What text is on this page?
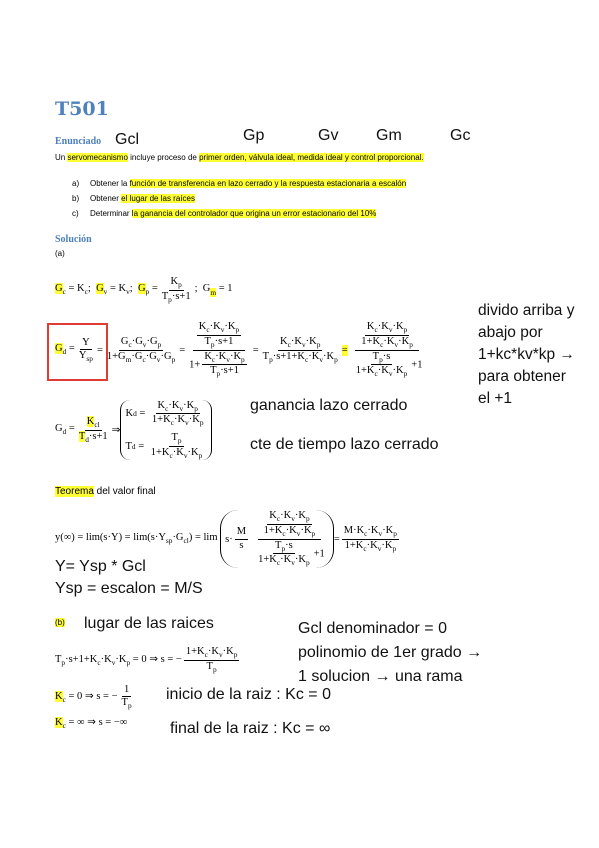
T501
Enunciado Gcl	Gp	Gv Gm	Gc
Un servomecanismo incluye proceso de primer orden, válvula ideal, medida ideal y control proporcional.
a) Obtener la función de transferencia en lazo cerrado y la respuesta estacionaria a escalón
b) Obtener el lugar de las raíces
c) Determinar la ganancia del controlador que origina un error estacionario del 10%
Solución
(a)
$G_c = K_c$;  $G_v = K_v$;  $G_p = \frac{K_p}{T_p\cdot s+1}$ ;  $G_m = 1$
$G_d = \frac{Y}{Y_{sp}} = \frac{G_c\cdot G_v\cdot G_p}{1+G_m\cdot G_c\cdot G_v\cdot G_p} = \frac{\frac{K_c\cdot K_v\cdot K_p}{T_p\cdot s+1}}{1+ \frac{K_c\cdot K_v\cdot K_p}{T_p\cdot s+1}} = \frac{K_c\cdot K_v\cdot K_p}{T_p\cdot s+1+K_c\cdot K_v\cdot K_p} = \frac{\frac{K_c\cdot K_v\cdot K_p}{1+K_c\cdot K_v\cdot K_p}}{\frac{T_p\cdot s}{1+K_c\cdot K_v\cdot K_p} +1}$
divido arriba y
abajo por
1+kc*kv*kp →
para obtener
el +1
$G_d = \frac{K_{cl}}{T_d\cdot s+1}$ ⇒
K $d = \frac{K_c\cdot K_v\cdot K_p}{1+K_c\cdot K_v\cdot K_p}$
T $d = \frac{T_p}{1+K_c\cdot K_v\cdot K_p}$
ganancia lazo cerrado
cte de tiempo lazo cerrado
Teorema del valor final
$y(\infty) = \lim(s\cdot Y) = \lim(s\cdot Y_{sp}\cdot G_{cl}) = \lim s\cdot \frac{M}{s} \frac{\frac{K_c\cdot K_v\cdot K_p}{1+K_c\cdot K_v\cdot K_p}}{\frac{T_p\cdot s}{1+K_c\cdot K_v\cdot K_p} +1} = \frac{M\cdot K_c\cdot K_v\cdot K_p}{1+K_c\cdot K_v\cdot K_p}$
Y= Ysp * Gcl
Ysp = escalon = M/S
(b) lugar de las raices	Gcl denominador = 0
polinomio de 1er grado →
1 solucion → una rama
$T_p\cdot s+1+K_c\cdot K_v\cdot K_p = 0$ ⇒ s = − $\frac{1+K_c\cdot K_v\cdot K_p}{T_p}$
$K_c = 0$ ⇒ s = − $\frac{1}{T_p}$ inicio de la raiz : Kc = 0
$K_c$ = ∞ ⇒ s = −∞	final de la raiz : Kc = ∞
